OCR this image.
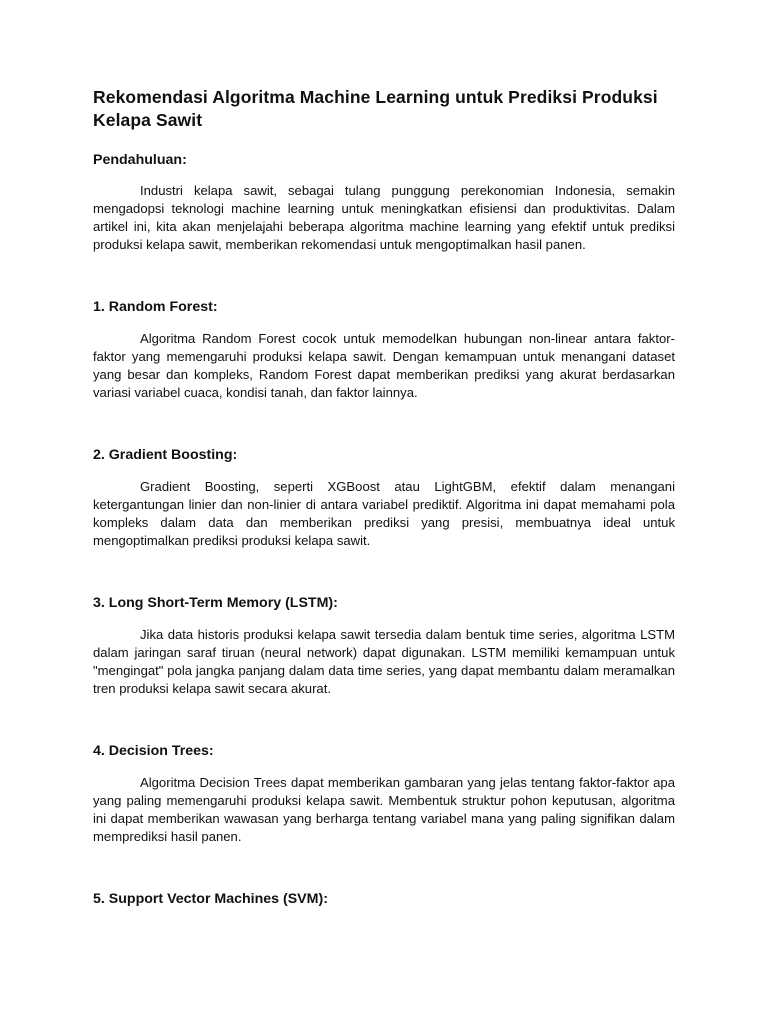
Rekomendasi Algoritma Machine Learning untuk Prediksi Produksi Kelapa Sawit
Pendahuluan:

Industri kelapa sawit, sebagai tulang punggung perekonomian Indonesia, semakin mengadopsi teknologi machine learning untuk meningkatkan efisiensi dan produktivitas. Dalam artikel ini, kita akan menjelajahi beberapa algoritma machine learning yang efektif untuk prediksi produksi kelapa sawit, memberikan rekomendasi untuk mengoptimalkan hasil panen.

1. Random Forest:

Algoritma Random Forest cocok untuk memodelkan hubungan non-linear antara faktor-faktor yang memengaruhi produksi kelapa sawit. Dengan kemampuan untuk menangani dataset yang besar dan kompleks, Random Forest dapat memberikan prediksi yang akurat berdasarkan variasi variabel cuaca, kondisi tanah, dan faktor lainnya.

2. Gradient Boosting:

Gradient Boosting, seperti XGBoost atau LightGBM, efektif dalam menangani ketergantungan linier dan non-linier di antara variabel prediktif. Algoritma ini dapat memahami pola kompleks dalam data dan memberikan prediksi yang presisi, membuatnya ideal untuk mengoptimalkan prediksi produksi kelapa sawit.

3. Long Short-Term Memory (LSTM):

Jika data historis produksi kelapa sawit tersedia dalam bentuk time series, algoritma LSTM dalam jaringan saraf tiruan (neural network) dapat digunakan. LSTM memiliki kemampuan untuk "mengingat" pola jangka panjang dalam data time series, yang dapat membantu dalam meramalkan tren produksi kelapa sawit secara akurat.

4. Decision Trees:

Algoritma Decision Trees dapat memberikan gambaran yang jelas tentang faktor-faktor apa yang paling memengaruhi produksi kelapa sawit. Membentuk struktur pohon keputusan, algoritma ini dapat memberikan wawasan yang berharga tentang variabel mana yang paling signifikan dalam memprediksi hasil panen.

5. Support Vector Machines (SVM):
